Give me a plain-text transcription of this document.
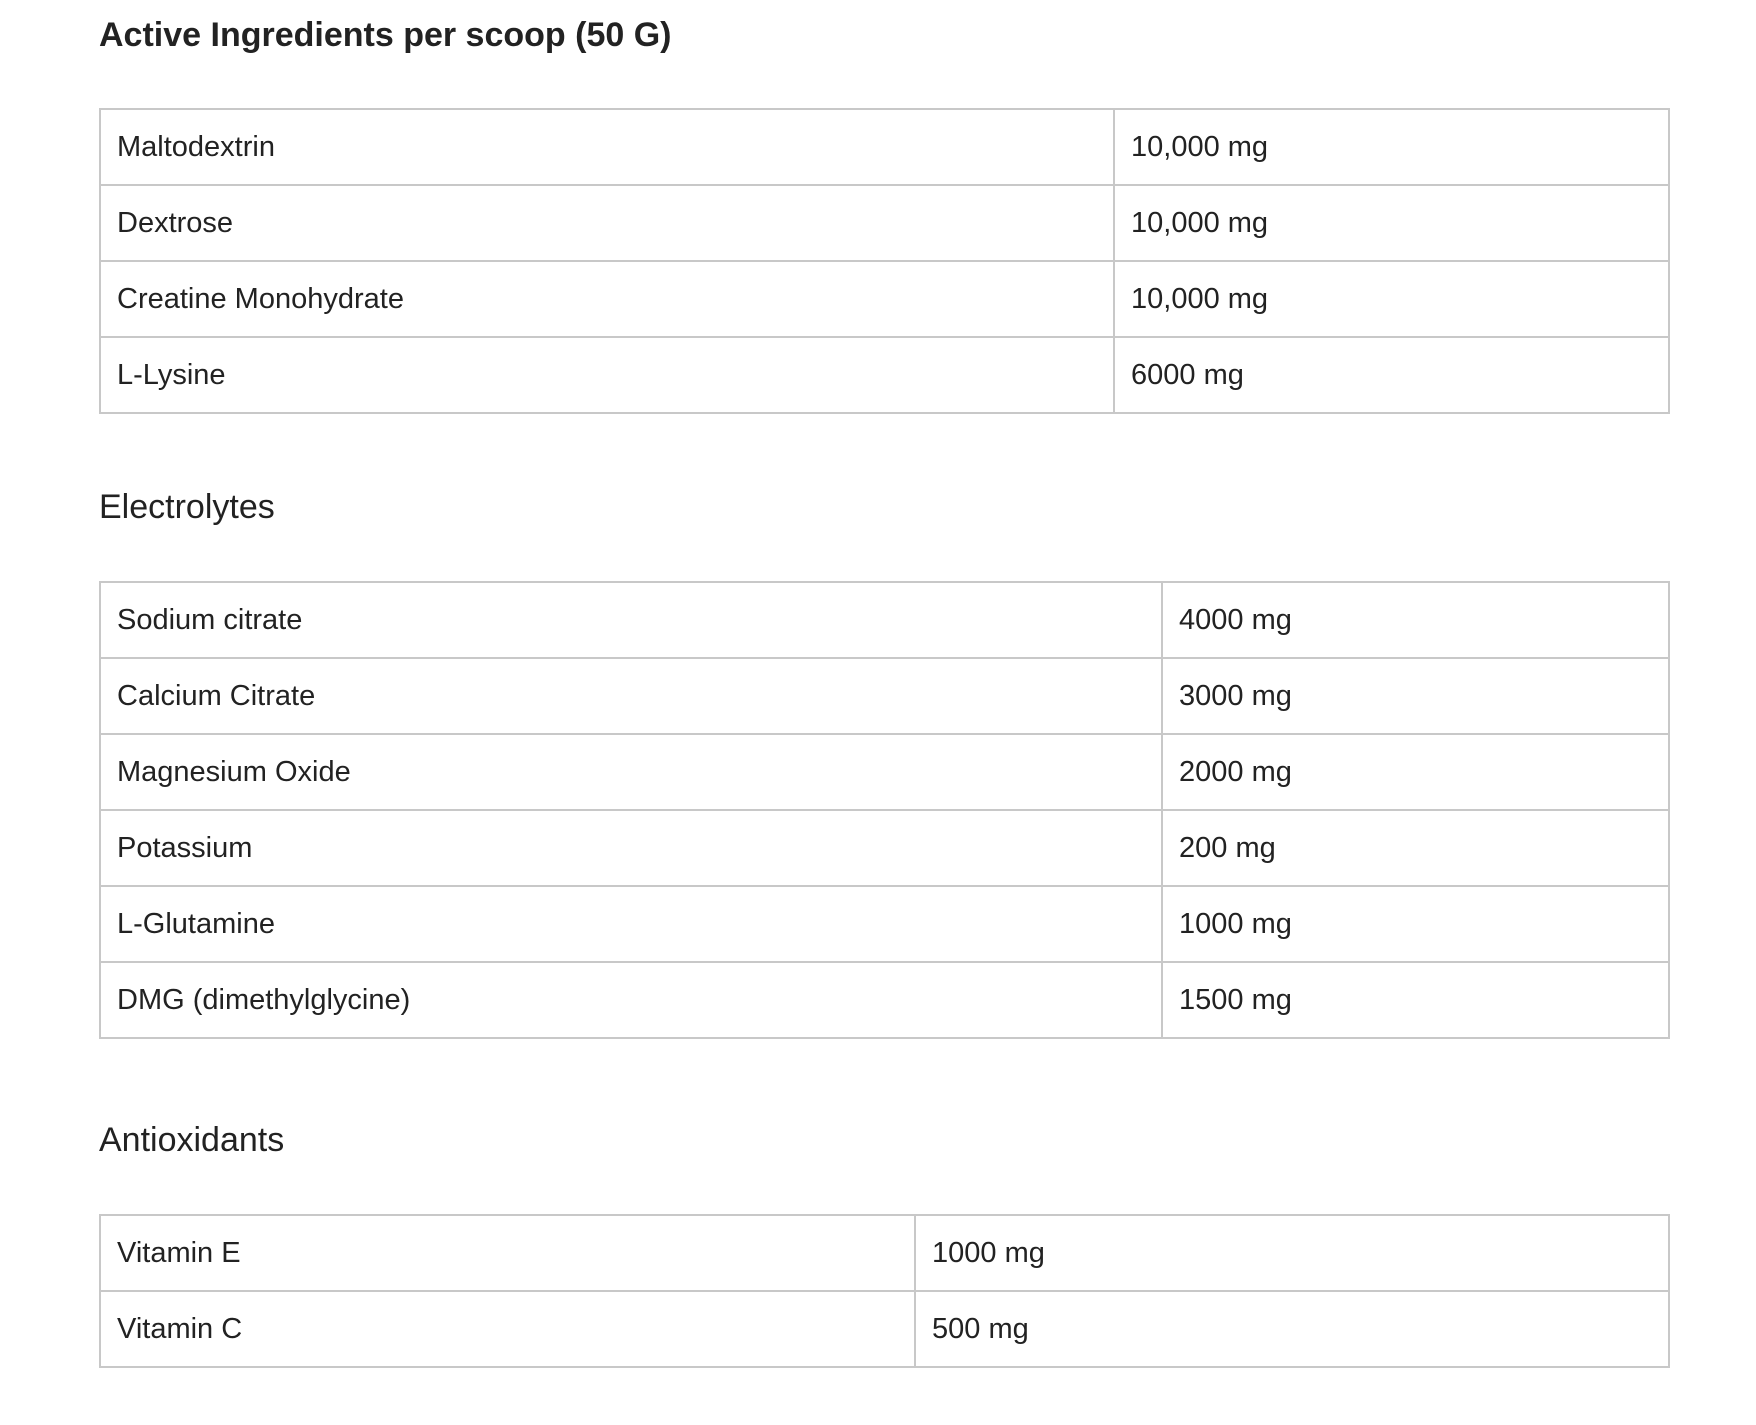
Active Ingredients per scoop (50 G)
Maltodextrin	10,000 mg
Dextrose	10,000 mg
Creatine Monohydrate	10,000 mg
L-Lysine	6000 mg
Electrolytes
Sodium citrate	4000 mg
Calcium Citrate	3000 mg
Magnesium Oxide	2000 mg
Potassium	200 mg
L-Glutamine	1000 mg
DMG (dimethylglycine)	1500 mg
Antioxidants
Vitamin E	1000 mg
Vitamin C	500 mg
